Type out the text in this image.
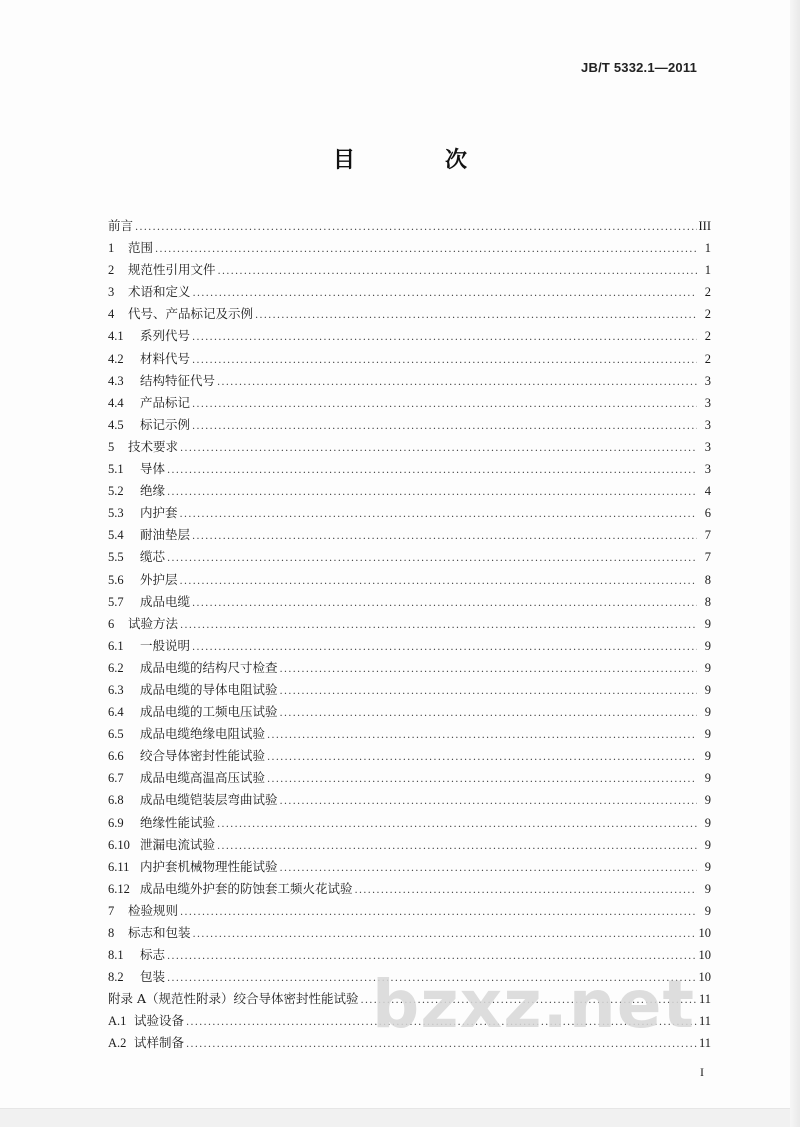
JB/T 5332.1—2011
目　次
前言 .....	III
1	范围 .....	1
2	规范性引用文件 .....	1
3	术语和定义 .....	2
4	代号、产品标记及示例 .....	2
4.1	系列代号 .....	2
4.2	材料代号 .....	2
4.3	结构特征代号 .....	3
4.4	产品标记 .....	3
4.5	标记示例 .....	3
5	技术要求 .....	3
5.1	导体 .....	3
5.2	绝缘 .....	4
5.3	内护套 .....	6
5.4	耐油垫层 .....	7
5.5	缆芯 .....	7
5.6	外护层 .....	8
5.7	成品电缆 .....	8
6	试验方法 .....	9
6.1	一般说明 .....	9
6.2	成品电缆的结构尺寸检查 .....	9
6.3	成品电缆的导体电阻试验 .....	9
6.4	成品电缆的工频电压试验 .....	9
6.5	成品电缆绝缘电阻试验 .....	9
6.6	绞合导体密封性能试验 .....	9
6.7	成品电缆高温高压试验 .....	9
6.8	成品电缆铠装层弯曲试验 .....	9
6.9	绝缘性能试验 .....	9
6.10 泄漏电流试验 .....	9
6.11 内护套机械物理性能试验 .....	9
6.12 成品电缆外护套的防蚀套工频火花试验 .....	9
7	检验规则 .....	9
8	标志和包装 .....	10
8.1	标志 .....	10
8.2	包装 .....	10
附录 A（规范性附录）绞合导体密封性能试验 .....	11
A.1 试验设备 .....	11
A.2 试样制备 .....	11
bzxz.net
I
